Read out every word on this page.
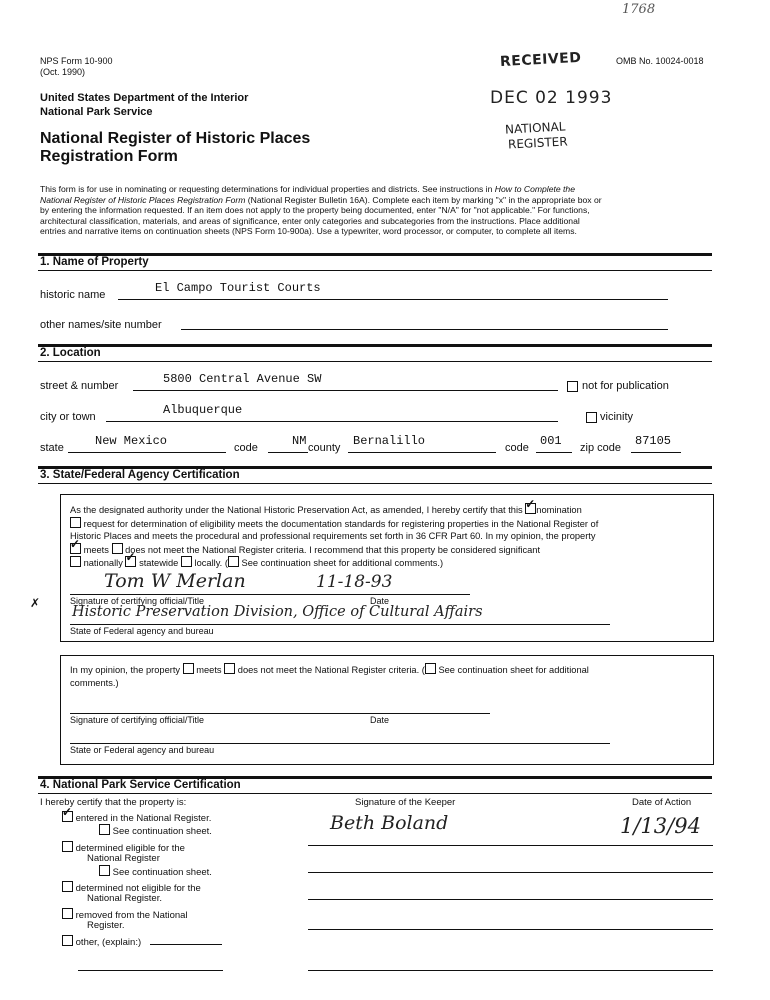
1768
NPS Form 10-900
(Oct. 1990)
OMB No. 10024-0018
RECEIVED
DEC 02 1993
NATIONAL
REGISTER
United States Department of the Interior
National Park Service
National Register of Historic Places
Registration Form
This form is for use in nominating or requesting determinations for individual properties and districts. See instructions in How to Complete the
National Register of Historic Places Registration Form (National Register Bulletin 16A). Complete each item by marking "x" in the appropriate box or
by entering the information requested. If an item does not apply to the property being documented, enter "N/A" for "not applicable." For functions,
architectural classification, materials, and areas of significance, enter only categories and subcategories from the instructions. Place additional
entries and narrative items on continuation sheets (NPS Form 10-900a). Use a typewriter, word processor, or computer, to complete all items.
1. Name of Property
historic name	El Campo Tourist Courts
other names/site number
2. Location
street & number	5800 Central Avenue SW	not for publication
city or town	Albuquerque	vicinity
state	New Mexico	code	NM county Bernalillo	code 001 zip code 87105
3. State/Federal Agency Certification
As the designated authority under the National Historic Preservation Act, as amended, I hereby certify that this ✓ nomination
request for determination of eligibility meets the documentation standards for registering properties in the National Register of
Historic Places and meets the procedural and professional requirements set forth in 36 CFR Part 60. In my opinion, the property
✓ meets does not meet the National Register criteria. I recommend that this property be considered significant
nationally ✓ statewide locally. ( See continuation sheet for additional comments.)
Tom W Merlan	11-18-93
Signature of certifying official/Title	Date
Historic Preservation Division, Office of Cultural Affairs
State of Federal agency and bureau
✗
In my opinion, the property meets does not meet the National Register criteria. ( See continuation sheet for additional
comments.)
Signature of certifying official/Title	Date
State or Federal agency and bureau
4. National Park Service Certification
I hereby certify that the property is:	Signature of the Keeper	Date of Action
✓ entered in the National Register.
See continuation sheet.
determined eligible for the
National Register
See continuation sheet.
determined not eligible for the
National Register.
removed from the National
Register.
other, (explain:)
Beth Boland	1/13/94
